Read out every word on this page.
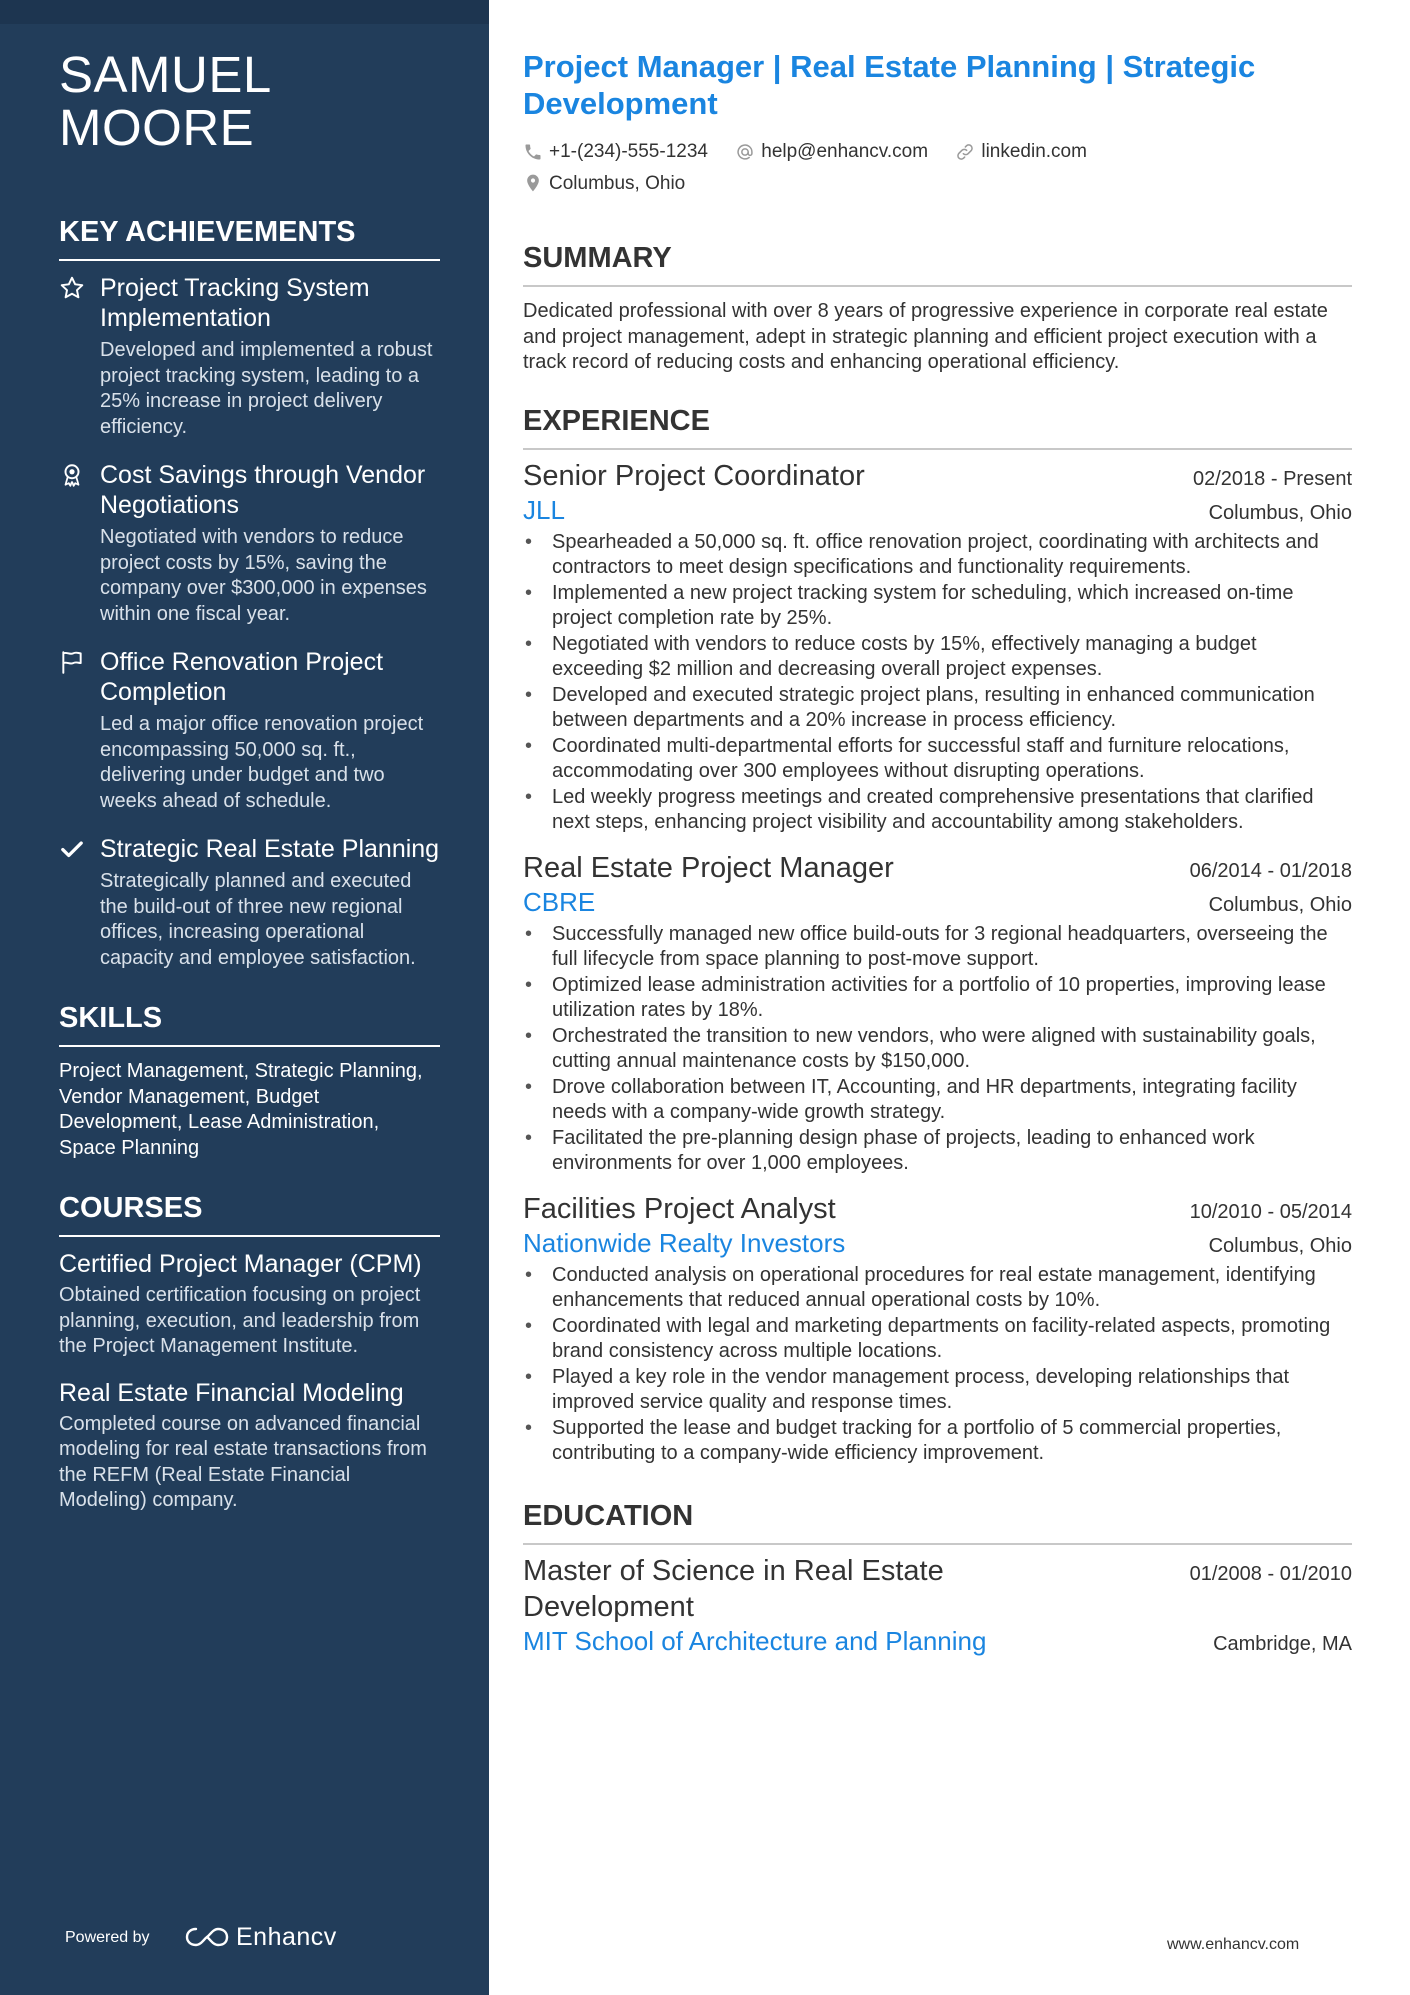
SAMUEL
MOORE
KEY ACHIEVEMENTS
Project Tracking System Implementation
Developed and implemented a robust project tracking system, leading to a 25% increase in project delivery efficiency.
Cost Savings through Vendor Negotiations
Negotiated with vendors to reduce project costs by 15%, saving the company over $300,000 in expenses within one fiscal year.
Office Renovation Project Completion
Led a major office renovation project encompassing 50,000 sq. ft., delivering under budget and two weeks ahead of schedule.
Strategic Real Estate Planning
Strategically planned and executed the build-out of three new regional offices, increasing operational capacity and employee satisfaction.
SKILLS
Project Management, Strategic Planning, Vendor Management, Budget Development, Lease Administration, Space Planning
COURSES
Certified Project Manager (CPM)
Obtained certification focusing on project planning, execution, and leadership from the Project Management Institute.
Real Estate Financial Modeling
Completed course on advanced financial modeling for real estate transactions from the REFM (Real Estate Financial Modeling) company.
Powered by	Enhancv
Project Manager | Real Estate Planning | Strategic Development
+1-(234)-555-1234
	help@enhancv.com
	linkedin.com
Columbus, Ohio
SUMMARY
Dedicated professional with over 8 years of progressive experience in corporate real estate and project management, adept in strategic planning and efficient project execution with a track record of reducing costs and enhancing operational efficiency.
EXPERIENCE
Senior Project Coordinator	02/2018 - Present
JLL	Columbus, Ohio
• Spearheaded a 50,000 sq. ft. office renovation project, coordinating with architects and contractors to meet design specifications and functionality requirements.
• Implemented a new project tracking system for scheduling, which increased on-time project completion rate by 25%.
• Negotiated with vendors to reduce costs by 15%, effectively managing a budget exceeding $2 million and decreasing overall project expenses.
• Developed and executed strategic project plans, resulting in enhanced communication between departments and a 20% increase in process efficiency.
• Coordinated multi-departmental efforts for successful staff and furniture relocations, accommodating over 300 employees without disrupting operations.
• Led weekly progress meetings and created comprehensive presentations that clarified next steps, enhancing project visibility and accountability among stakeholders.
Real Estate Project Manager	06/2014 - 01/2018
CBRE	Columbus, Ohio
• Successfully managed new office build-outs for 3 regional headquarters, overseeing the full lifecycle from space planning to post-move support.
• Optimized lease administration activities for a portfolio of 10 properties, improving lease utilization rates by 18%.
• Orchestrated the transition to new vendors, who were aligned with sustainability goals, cutting annual maintenance costs by $150,000.
• Drove collaboration between IT, Accounting, and HR departments, integrating facility needs with a company-wide growth strategy.
• Facilitated the pre-planning design phase of projects, leading to enhanced work environments for over 1,000 employees.
Facilities Project Analyst	10/2010 - 05/2014
Nationwide Realty Investors	Columbus, Ohio
• Conducted analysis on operational procedures for real estate management, identifying enhancements that reduced annual operational costs by 10%.
• Coordinated with legal and marketing departments on facility-related aspects, promoting brand consistency across multiple locations.
• Played a key role in the vendor management process, developing relationships that improved service quality and response times.
• Supported the lease and budget tracking for a portfolio of 5 commercial properties, contributing to a company-wide efficiency improvement.
EDUCATION
Master of Science in Real Estate Development
01/2008 - 01/2010
MIT School of Architecture and Planning	Cambridge, MA
www.enhancv.com
